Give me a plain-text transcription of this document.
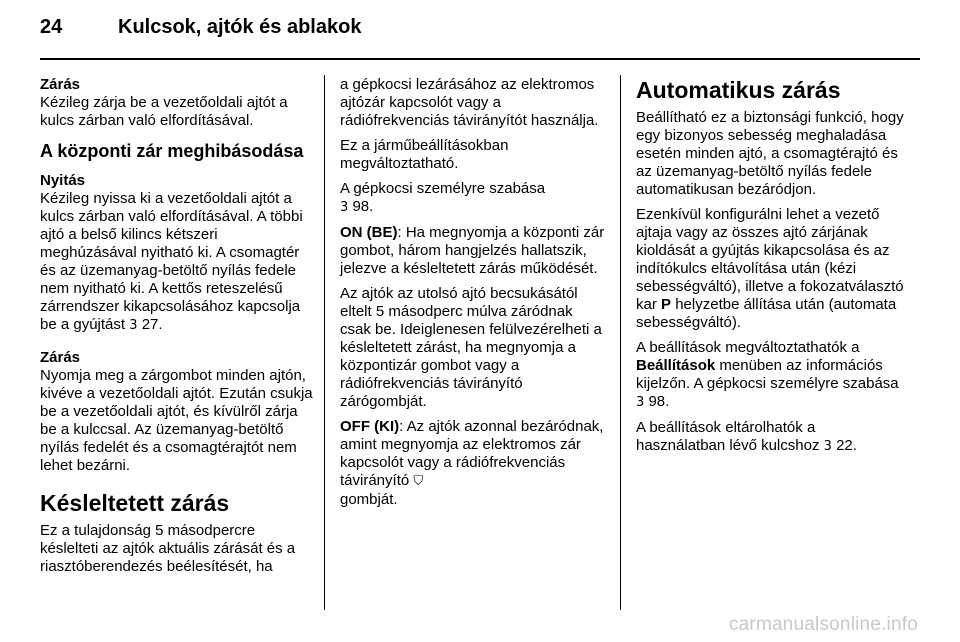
24	Kulcsok, ajtók és ablakok

Zárás

Kézileg zárja be a vezetőoldali ajtót a kulcs zárban való elfordításával.

A központi zár meghibásodása

Nyitás

Kézileg nyissa ki a vezetőoldali ajtót a kulcs zárban való elfordításával. A többi ajtó a belső kilincs kétszeri meghúzásával nyitható ki. A csomagtér és az üzemanyag-betöltő nyílás fedele nem nyitható ki. A kettős reteszelésű zárrendszer kikapcsolásához kapcsolja be a gyújtást 3 27.

Zárás

Nyomja meg a zárgombot minden ajtón, kivéve a vezetőoldali ajtót. Ezután csukja be a vezetőoldali ajtót, és kívülről zárja be a kulccsal. Az üzemanyag-betöltő nyílás fedelét és a csomagtérajtót nem lehet bezárni.

Késleltetett zárás

Ez a tulajdonság 5 másodpercre késlelteti az ajtók aktuális zárását és a riasztóberendezés beélesítését, ha

a gépkocsi lezárásához az elektromos ajtózár kapcsolót vagy a rádiófrekvenciás távirányítót használja.

Ez a járműbeállításokban megváltoztatható.

A gépkocsi személyre szabása
3 98.

ON (BE): Ha megnyomja a központi zár gombot, három hangjelzés hallatszik, jelezve a késleltetett zárás működését.

Az ajtók az utolsó ajtó becsukásától eltelt 5 másodperc múlva záródnak csak be. Ideiglenesen felülvezérelheti a késleltetett zárást, ha megnyomja a központizár gombot vagy a rádiófrekvenciás távirányító zárógombját.

OFF (KI): Az ajtók azonnal bezáródnak, amint megnyomja az elektromos zár kapcsolót vagy a rádiófrekvenciás távirányító ⛉
gombját.

Automatikus zárás

Beállítható ez a biztonsági funkció, hogy egy bizonyos sebesség meghaladása esetén minden ajtó, a csomagtérajtó és az üzemanyag-betöltő nyílás fedele automatikusan bezáródjon.

Ezenkívül konfigurálni lehet a vezető ajtaja vagy az összes ajtó zárjának kioldását a gyújtás kikapcsolása és az indítókulcs eltávolítása után (kézi sebességváltó), illetve a fokozatválasztó kar P helyzetbe állítása után (automata sebességváltó).

A beállítások megváltoztathatók a
Beállítások menüben az információs kijelzőn. A gépkocsi személyre szabása 3 98.

A beállítások eltárolhatók a használatban lévő kulcshoz 3 22.

carmanualsonline.info
